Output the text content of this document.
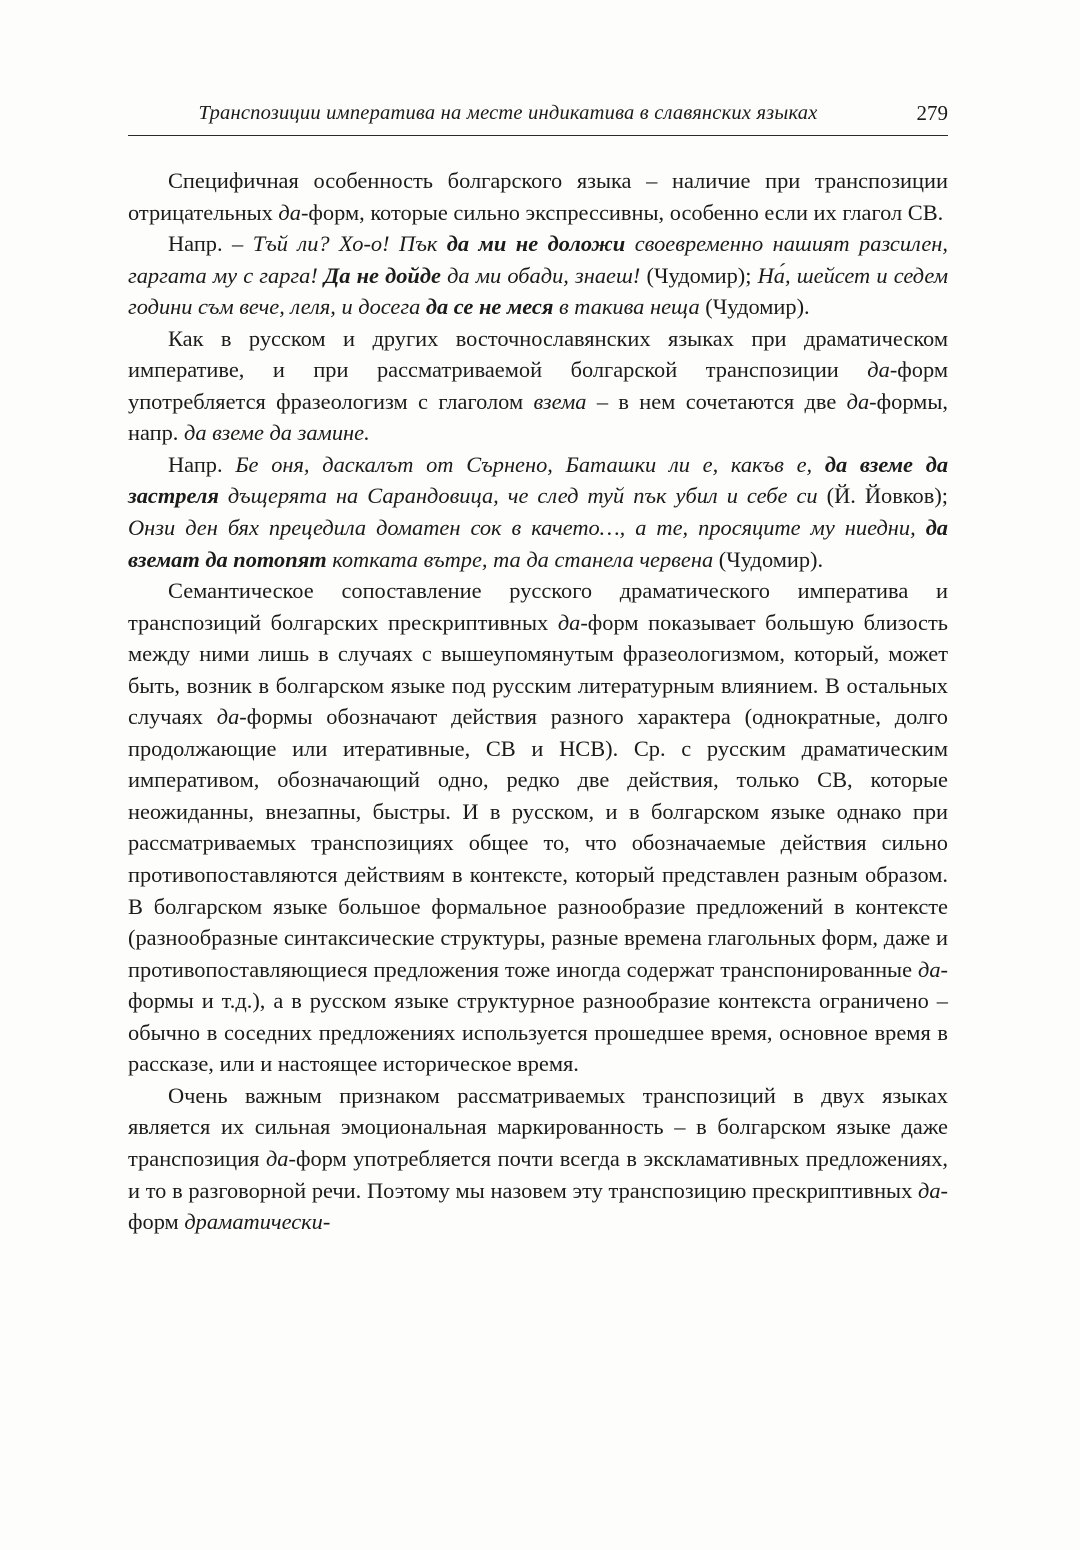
Транспозиции императива на месте индикатива в славянских языках	279

Специфичная особенность болгарского языка – наличие при транспозиции отрицательных да-форм, которые сильно экспрессивны, особенно если их глагол СВ.

Напр. – Тъй ли? Хо-о! Пък да ми не доложи своевременно нашият разсилен, гаргата му с гарга! Да не дойде да ми обади, знаеш! (Чудомир); На́, шейсет и седем години съм вече, леля, и досега да се не меся в такива неща (Чудомир).

Как в русском и других восточнославянских языках при драматическом императиве, и при рассматриваемой болгарской транспозиции да-форм употребляется фразеологизм с глаголом взема – в нем сочетаются две да-формы, напр. да вземе да замине.

Напр. Бе оня, даскалът от Сърнено, Баташки ли е, какъв е, да вземе да застреля дъщерята на Сарандовица, че след туй пък убил и себе си (Й. Йовков); Онзи ден бях прецедила доматен сок в качето…, а те, просяците му ниедни, да вземат да потопят котката вътре, та да станела червена (Чудомир).

Семантическое сопоставление русского драматического императива и транспозиций болгарских прескриптивных да-форм показывает большую близость между ними лишь в случаях с вышеупомянутым фразеологизмом, который, может быть, возник в болгарском языке под русским литературным влиянием. В остальных случаях да-формы обозначают действия разного характера (однократные, долго продолжающие или итеративные, СВ и НСВ). Ср. с русским драматическим императивом, обозначающий одно, редко две действия, только СВ, которые неожиданны, внезапны, быстры. И в русском, и в болгарском языке однако при рассматриваемых транспозициях общее то, что обозначаемые действия сильно противопоставляются действиям в контексте, который представлен разным образом. В болгарском языке большое формальное разнообразие предложений в контексте (разнообразные синтаксические структуры, разные времена глагольных форм, даже и противопоставляющиеся предложения тоже иногда содержат транспонированные да-формы и т.д.), а в русском языке структурное разнообразие контекста ограничено – обычно в соседних предложениях используется прошедшее время, основное время в рассказе, или и настоящее историческое время.

Очень важным признаком рассматриваемых транспозиций в двух языках является их сильная эмоциональная маркированность – в болгарском языке даже транспозиция да-форм употребляется почти всегда в экскламативных предложениях, и то в разговорной речи. Поэтому мы назовем эту транспозицию прескриптивных да-форм драматически-
